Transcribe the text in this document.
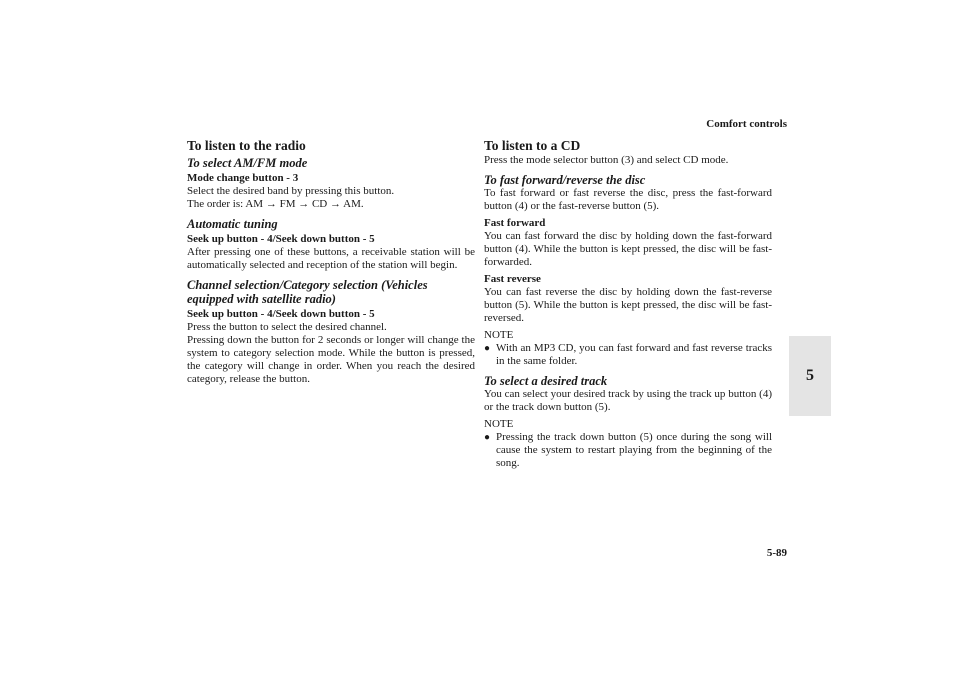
Comfort controls
5

To listen to the radio

To select AM/FM mode

Mode change button - 3

Select the desired band by pressing this button.

The order is: AM → FM → CD → AM.

Automatic tuning

Seek up button - 4/Seek down button - 5

After pressing one of these buttons, a receivable station will be automatically selected and reception of the station will begin.

Channel selection/Category selection (Vehicles

equipped with satellite radio)

Seek up button - 4/Seek down button - 5

Press the button to select the desired channel.

Pressing down the button for 2 seconds or longer will change the system to category selection mode. While the button is pressed, the category will change in order. When you reach the desired category, release the button.

To listen to a CD

Press the mode selector button (3) and select CD mode.

To fast forward/reverse the disc

To fast forward or fast reverse the disc, press the fast-forward button (4) or the fast-reverse button (5).

Fast forward

You can fast forward the disc by holding down the fast-forward button (4). While the button is kept pressed, the disc will be fast-forwarded.

Fast reverse

You can fast reverse the disc by holding down the fast-reverse button (5). While the button is kept pressed, the disc will be fast-reversed.

NOTE

● With an MP3 CD, you can fast forward and fast reverse tracks in the same folder.

To select a desired track

You can select your desired track by using the track up button (4) or the track down button (5).

NOTE

● Pressing the track down button (5) once during the song will cause the system to restart playing from the beginning of the song.
5-89
